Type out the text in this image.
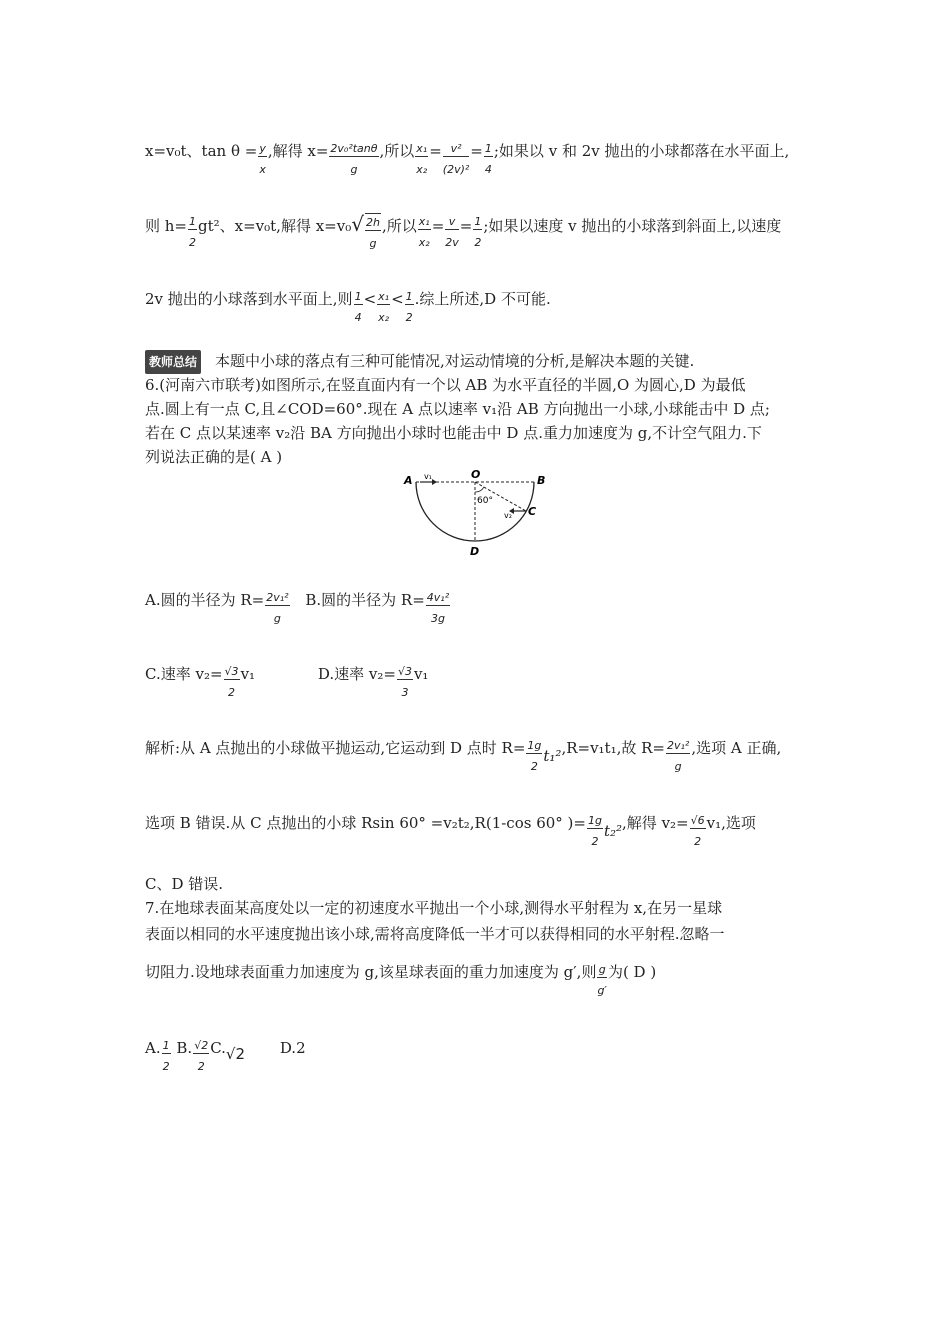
x=v₀t、$\tan \theta = \frac{y}{x}$ ,解得 $x= \frac{\text{2v₀²tanθ}}{g}$ ,所以 $\frac{\text{x₁}}{\text{x₂}} = \frac{\text{v²}}{\text{(2v)²}} = \frac{1}{4}$ ;如果以 v 和 2v 抛出的小球都落在水平面上,
则 $h= \frac{1}{2} gt^2$、x=v₀t,解得 $x=v_0√ \frac{2h}{g}$ ,所以 $\frac{\text{x₁}}{\text{x₂}} = \frac{v}{2v} = \frac{1}{2}$ ;如果以速度 v 抛出的小球落到斜面上,以速度
2v 抛出的小球落到水平面上,则 $\frac{1}{4} < \frac{\text{x₁}}{\text{x₂}} < \frac{1}{2}$ .综上所述,D 不可能.
教师总结 本题中小球的落点有三种可能情况,对运动情境的分析,是解决本题的关键.
6.(河南六市联考)如图所示,在竖直面内有一个以 AB 为水平直径的半圆,O 为圆心,D 为最低
点.圆上有一点 C,且∠COD=60°.现在 A 点以速率 v₁沿 AB 方向抛出一小球,小球能击中 D 点;
若在 C 点以某速率 v₂沿 BA 方向抛出小球时也能击中 D 点.重力加速度为 g,不计空气阻力.下
列说法正确的是( A )
A v₁	O	B
60°
v₂ C
D
A.圆的半径为 $R= \frac{\text{2v₁²}}{g} B$.圆的半径为 $R= \frac{\text{4v₁²}}{3g}$
C.速率 $v_2= \frac{√3}{2} v_1$	D.速率 $v_2= \frac{√3}{3} v_1$
解析:从 A 点抛出的小球做平抛运动,它运动到 D 点时 $R= \frac{1g}{2} t_1^2,R=v_1t_1$,故 $R= \frac{\text{2v₁²}}{g}$ ,选项 A 正确,
选项 B 错误.从 C 点抛出的小球 Rsin 60° =v₂t₂,R(1-cos 60° )= $\frac{1g}{2} t_2^2$,解得 $v_2= \frac{√6}{2} v_1$,选项
C、D 错误.
7.在地球表面某高度处以一定的初速度水平抛出一个小球,测得水平射程为 x,在另一星球
表面以相同的水平速度抛出该小球,需将高度降低一半才可以获得相同的水平射程.忽略一
切阻力.设地球表面重力加速度为 g,该星球表面的重力加速度为 g′,则 $\frac{g}{g'}$ 为( D )
A. $\frac{1}{2} B$. $\frac{√2}{2} C.√2$ D.2
